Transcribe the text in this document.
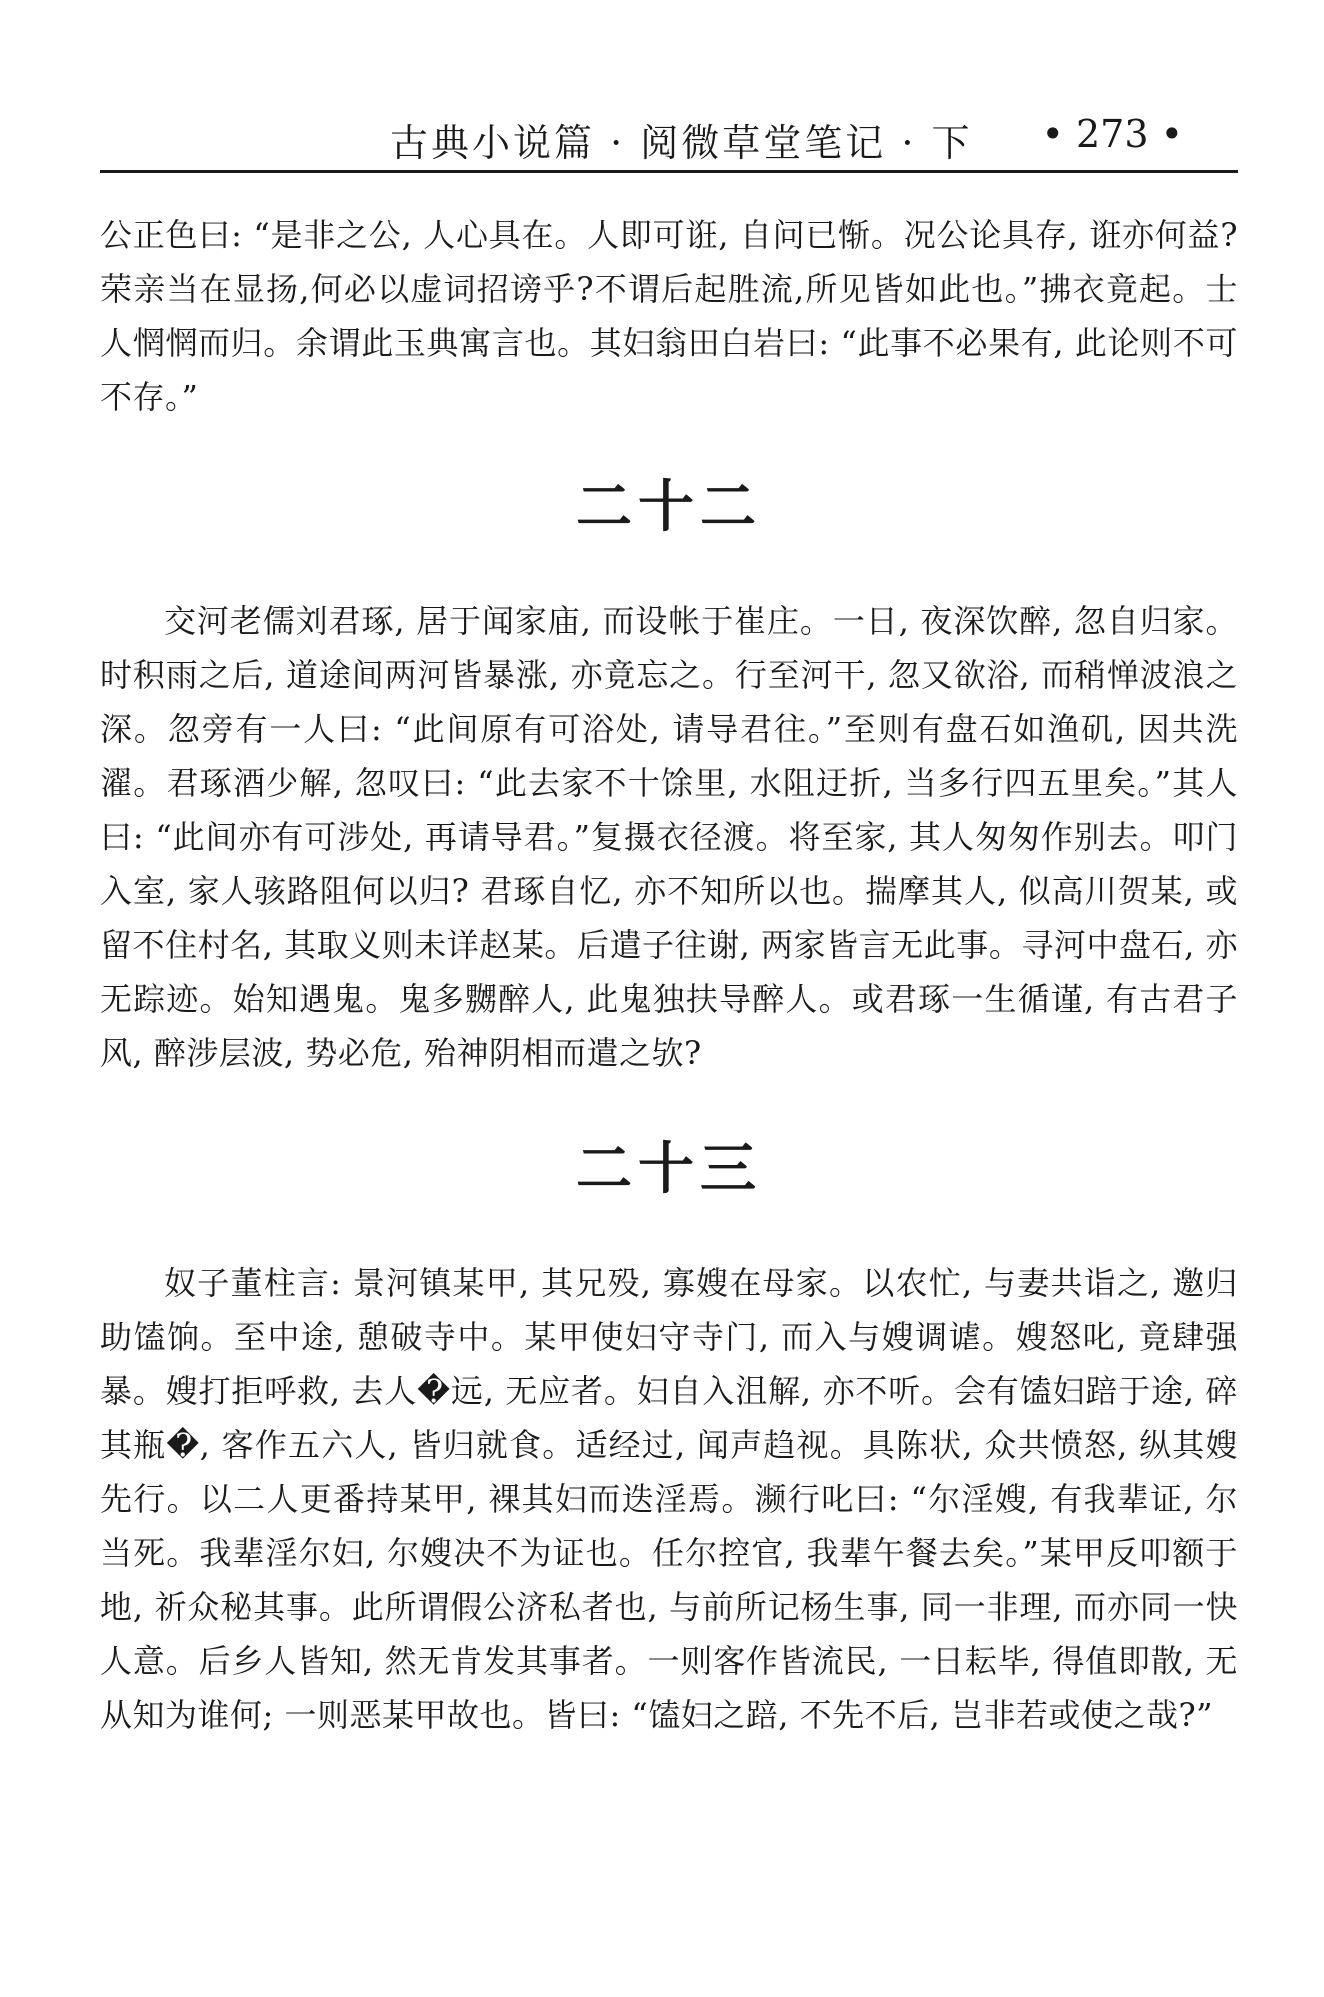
古典小说篇 · 阅微草堂笔记 · 下 • 273 •

公正色曰: “是非之公, 人心具在。人即可诳, 自问已惭。况公论具存, 诳亦何益?荣亲当在显扬,何必以虚词招谤乎?不谓后起胜流,所见皆如此也。”拂衣竟起。士人惘惘而归。余谓此玉典寓言也。其妇翁田白岩曰: “此事不必果有, 此论则不可不存。”

二十二

交河老儒刘君琢, 居于闻家庙, 而设帐于崔庄。一日, 夜深饮醉, 忽自归家。时积雨之后, 道途间两河皆暴涨, 亦竟忘之。行至河干, 忽又欲浴, 而稍惮波浪之深。忽旁有一人曰: “此间原有可浴处, 请导君往。”至则有盘石如渔矶, 因共洗濯。君琢酒少解, 忽叹曰: “此去家不十馀里, 水阻迂折, 当多行四五里矣。”其人曰: “此间亦有可涉处, 再请导君。”复摄衣径渡。将至家, 其人匆匆作别去。叩门入室, 家人骇路阻何以归? 君琢自忆, 亦不知所以也。揣摩其人, 似高川贺某, 或留不住村名, 其取义则未详赵某。后遣子往谢, 两家皆言无此事。寻河中盘石, 亦无踪迹。始知遇鬼。鬼多嬲醉人, 此鬼独扶导醉人。或君琢一生循谨, 有古君子风, 醉涉层波, 势必危, 殆神阴相而遣之欤?

二十三

奴子董柱言: 景河镇某甲, 其兄殁, 寡嫂在母家。以农忙, 与妻共诣之, 邀归助馌饷。至中途, 憩破寺中。某甲使妇守寺门, 而入与嫂调谑。嫂怒叱, 竟肆强暴。嫂打拒呼救, 去人�远, 无应者。妇自入沮解, 亦不听。会有馌妇踣于途, 碎其瓶�, 客作五六人, 皆归就食。适经过, 闻声趋视。具陈状, 众共愤怒, 纵其嫂先行。以二人更番持某甲, 裸其妇而迭淫焉。濒行叱曰: “尔淫嫂, 有我辈证, 尔当死。我辈淫尔妇, 尔嫂决不为证也。任尔控官, 我辈午餐去矣。”某甲反叩额于地, 祈众秘其事。此所谓假公济私者也, 与前所记杨生事, 同一非理, 而亦同一快人意。后乡人皆知, 然无肯发其事者。一则客作皆流民, 一日耘毕, 得值即散, 无从知为谁何; 一则恶某甲故也。皆曰: “馌妇之踣, 不先不后, 岂非若或使之哉?”
